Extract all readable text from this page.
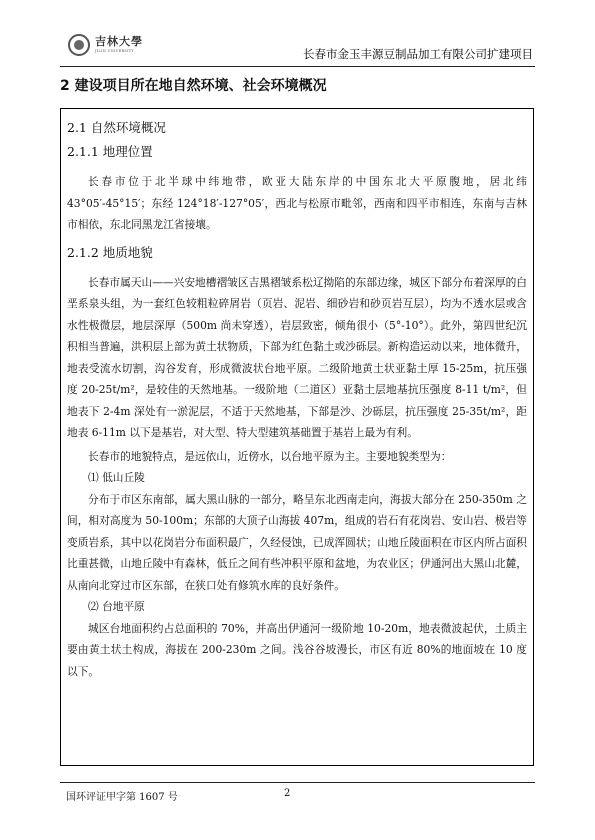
吉林大學
JILIN UNIVERSITY	长春市金玉丰源豆制品加工有限公司扩建项目
2 建设项目所在地自然环境、社会环境概况
2.1 自然环境概况
2.1.1 地理位置

长春市位于北半球中纬地带，欧亚大陆东岸的中国东北大平原腹地，居北纬 43°05′-45°15′；东经 124°18′-127°05′，西北与松原市毗邻，西南和四平市相连，东南与吉林市相依，东北同黑龙江省接壤。

2.1.2 地质地貌

长春市属天山——兴安地槽褶皱区吉黑褶皱系松辽拗陷的东部边缘，城区下部分布着深厚的白垩系泉头组，为一套红色较粗粒碎屑岩（页岩、泥岩、细砂岩和砂页岩互层），均为不透水层或含水性极微层，地层深厚（500m 尚未穿透），岩层致密，倾角很小（5°-10°）。此外，第四世纪沉积相当普遍，洪积层上部为黄土状物质，下部为红色黏土或沙砾层。新构造运动以来，地体微升，地表受流水切割，沟谷发育，形成微波状台地平原。二级阶地黄土状亚黏土厚 15-25m，抗压强度 20-25t/m²，是较佳的天然地基。一级阶地（二道区）亚黏土层地基抗压强度 8-11 t/m²，但地表下 2-4m 深处有一淤泥层，不适于天然地基，下部是沙、沙砾层，抗压强度 25-35t/m²，距地表 6-11m 以下是基岩，对大型、特大型建筑基础置于基岩上最为有利。

长春市的地貌特点，是远依山，近傍水，以台地平原为主。主要地貌类型为：

⑴ 低山丘陵

分布于市区东南部，属大黑山脉的一部分，略呈东北西南走向，海拔大部分在 250-350m 之间，相对高度为 50-100m；东部的大顶子山海拔 407m，组成的岩石有花岗岩、安山岩、极岩等变质岩系，其中以花岗岩分布面积最广，久经侵蚀，已成浑圆状；山地丘陵面积在市区内所占面积比重甚微，山地丘陵中有森林，低丘之间有些冲积平原和盆地，为农业区；伊通河出大黑山北麓，从南向北穿过市区东部，在狭口处有修筑水库的良好条件。

⑵ 台地平原

城区台地面积约占总面积的 70%，并高出伊通河一级阶地 10-20m，地表微波起伏，土质主要由黄土状土构成，海拔在 200-230m 之间。浅谷谷坡漫长，市区有近 80%的地面坡在 10 度以下。

国环评证甲字第 1607 号	2
